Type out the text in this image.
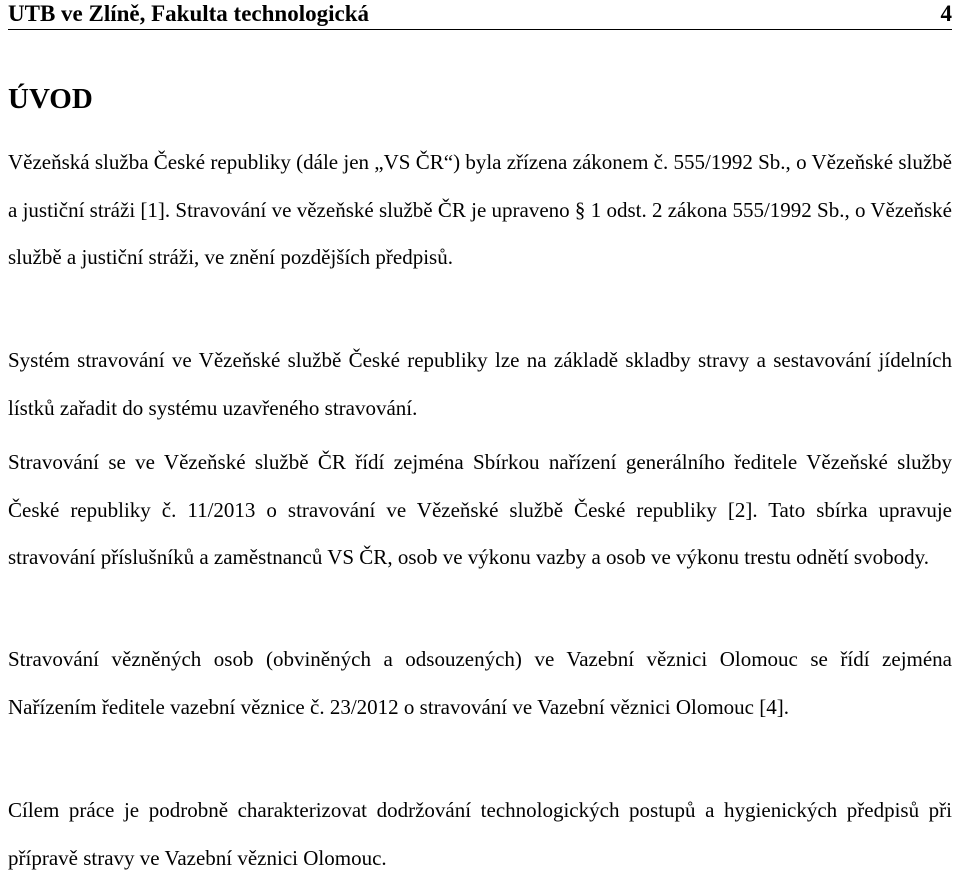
UTB ve Zlíně, Fakulta technologická	4
ÚVOD

Vězeňská služba České republiky (dále jen „VS ČR“) byla zřízena zákonem č. 555/1992 Sb., o Vězeňské službě a justiční stráži [1]. Stravování ve vězeňské službě ČR je upraveno § 1 odst. 2 zákona 555/1992 Sb., o Vězeňské službě a justiční stráži, ve znění pozdějších předpisů.

Systém stravování ve Vězeňské službě České republiky lze na základě skladby stravy a sestavování jídelních lístků zařadit do systému uzavřeného stravování.

Stravování se ve Vězeňské službě ČR řídí zejména Sbírkou nařízení generálního ředitele Vězeňské služby České republiky č. 11/2013 o stravování ve Vězeňské službě České republiky [2]. Tato sbírka upravuje stravování příslušníků a zaměstnanců VS ČR, osob ve výkonu vazby a osob ve výkonu trestu odnětí svobody.

Stravování vězněných osob (obviněných a odsouzených) ve Vazební věznici Olomouc se řídí zejména Nařízením ředitele vazební věznice č. 23/2012 o stravování ve Vazební věznici Olomouc [4].

Cílem práce je podrobně charakterizovat dodržování technologických postupů a hygienických předpisů při přípravě stravy ve Vazební věznici Olomouc.
